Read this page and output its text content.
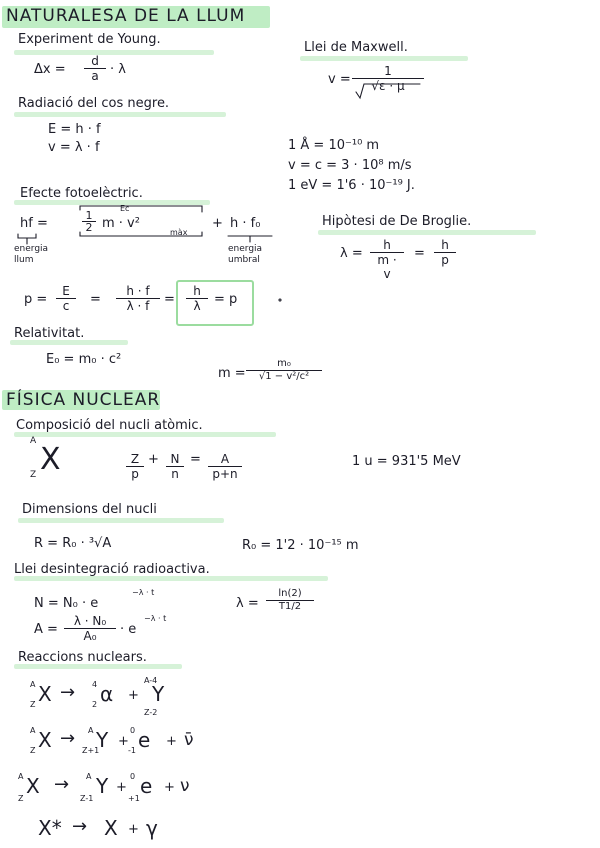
NATURALESA DE LA LLUM
FÍSICA NUCLEAR
Experiment de Young.
$\Delta x = \frac{d}{a} \cdot \lambda$
Llei de Maxwell.
$v = \frac{1}{√\varepsilon \cdot \mu}$
Radiació del cos negre.
E = h · f
v = λ · f	1 Å = 10⁻¹⁰ m
v = c = 3 · 10⁸ m/s
1 eV = 1'6 · 10⁻¹⁹ J.
Efecte fotoelèctric.
hf =
Ec
$\frac{1}{2}$ m · v²
màx
+ h · f₀
energia llum
energia umbral
$p = \frac{E}{c} = \frac{h \cdot f}{\lambda \cdot f} = \frac{h}{\lambda} = p$
Hipòtesi de De Broglie.
$\lambda = \frac{h}{m \cdot v} = \frac{h}{p}$
Relativitat.
E₀ = m₀ · c²
$m = \frac{\text{m₀}}{\text{√1 − v²/c²}}$
Composició del nucli atòmic.
A
Z X	$\frac{Z}{p} + \frac{N}{n} = \frac{A}{p+n}$	1 u = 931'5 MeV
Dimensions del nucli
R = R₀ · ³√A	R₀ = 1'2 · 10⁻¹⁵ m
Llei desintegració radioactiva.
N = N₀ · e
−λ · t
$\lambda = \frac{\ln(2)}{T1/2}$
$A = \frac{\text{λ · N₀}}{\text{A₀}} \cdot e$
−λ · t
Reaccions nuclears.
A
Z X → 4
2 α +
A-4
Z-2
Y
A
Z X → A
Z+1
Y +
0
-1 e + ν̄
A
Z
X → A
Z-1
Y +
0
+1
e + ν
X* → X + γ
